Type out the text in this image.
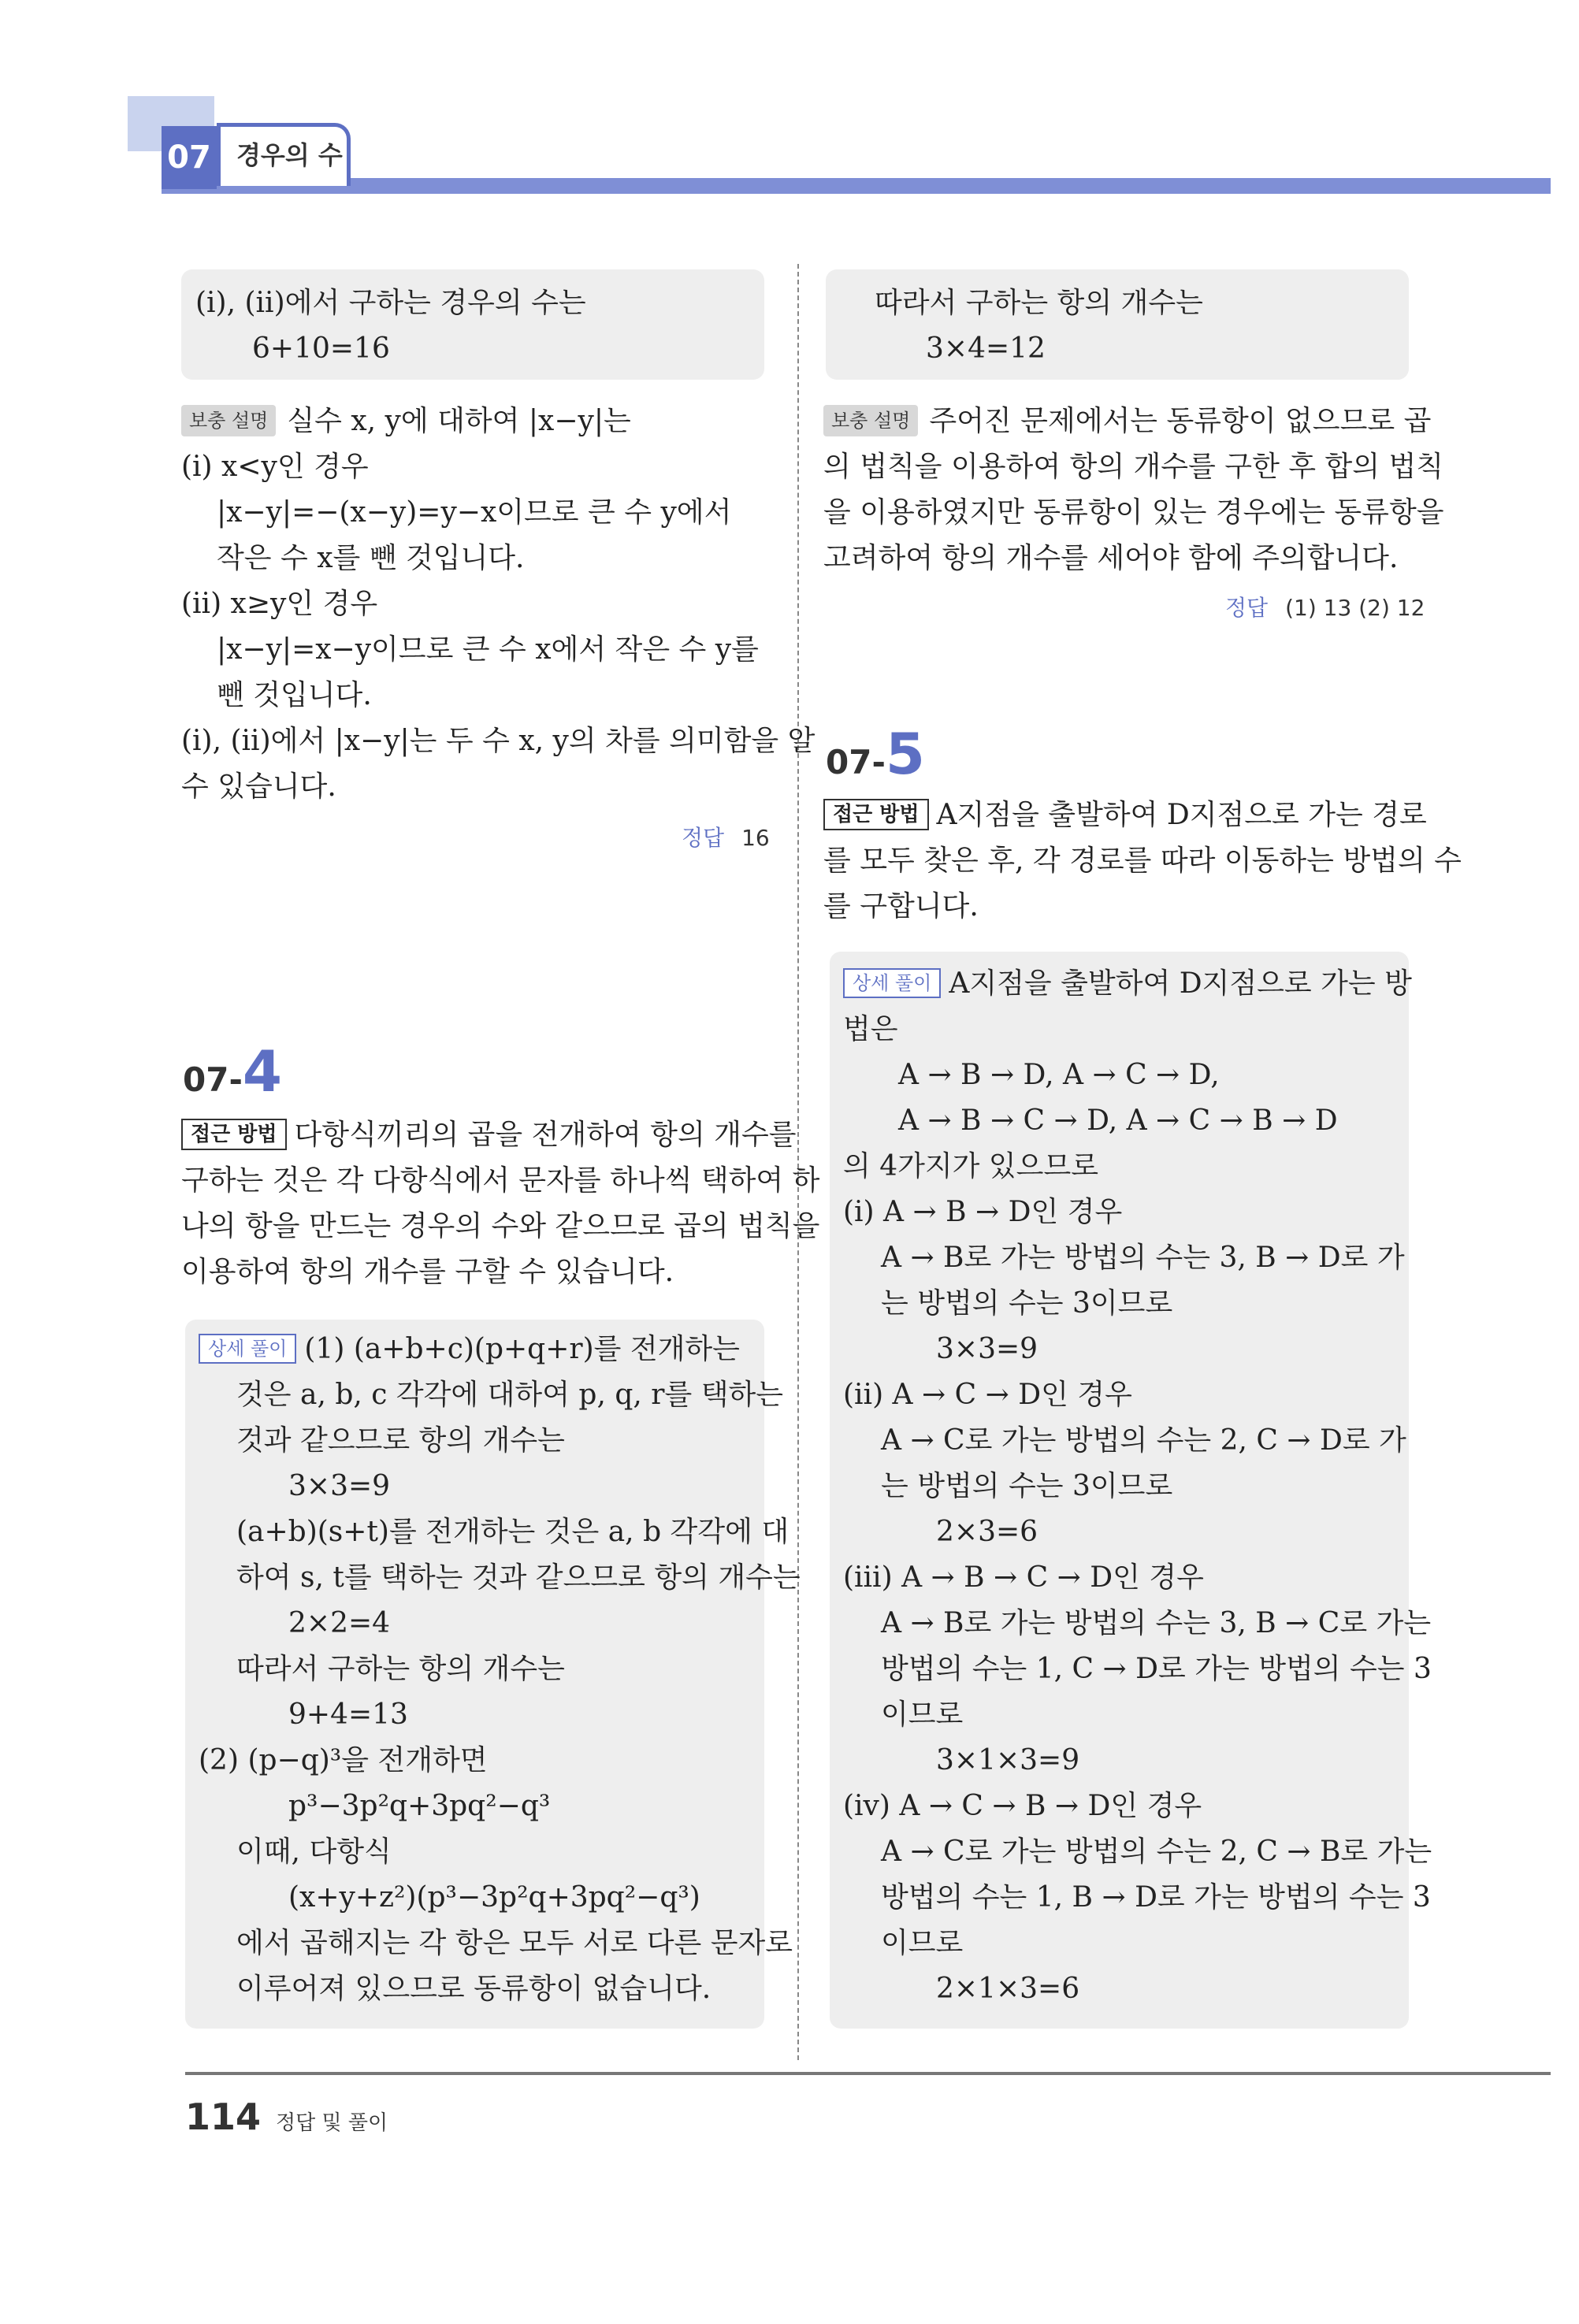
07 경우의 수
(ⅰ), (ⅱ)에서 구하는 경우의 수는
6+10=16
보충 설명 실수 x, y에 대하여 |x−y|는
(ⅰ) x<y인 경우
|x−y|=−(x−y)=y−x이므로 큰 수 y에서
작은 수 x를 뺀 것입니다.
(ⅱ) x≥y인 경우
|x−y|=x−y이므로 큰 수 x에서 작은 수 y를
뺀 것입니다.
(ⅰ), (ⅱ)에서 |x−y|는 두 수 x, y의 차를 의미함을 알
수 있습니다.
정답 16
07-4
접근 방법 다항식끼리의 곱을 전개하여 항의 개수를
구하는 것은 각 다항식에서 문자를 하나씩 택하여 하
나의 항을 만드는 경우의 수와 같으므로 곱의 법칙을
이용하여 항의 개수를 구할 수 있습니다.
상세 풀이 (1) (a+b+c)(p+q+r)를 전개하는
것은 a, b, c 각각에 대하여 p, q, r를 택하는
것과 같으므로 항의 개수는
3×3=9
(a+b)(s+t)를 전개하는 것은 a, b 각각에 대
하여 s, t를 택하는 것과 같으므로 항의 개수는
2×2=4
따라서 구하는 항의 개수는
9+4=13
(2) (p−q)³을 전개하면
p³−3p²q+3pq²−q³
이때, 다항식
(x+y+z²)(p³−3p²q+3pq²−q³)
에서 곱해지는 각 항은 모두 서로 다른 문자로
이루어져 있으므로 동류항이 없습니다.
따라서 구하는 항의 개수는
3×4=12
보충 설명 주어진 문제에서는 동류항이 없으므로 곱
의 법칙을 이용하여 항의 개수를 구한 후 합의 법칙
을 이용하였지만 동류항이 있는 경우에는 동류항을
고려하여 항의 개수를 세어야 함에 주의합니다.
정답 (1) 13 (2) 12
07-5
접근 방법 A지점을 출발하여 D지점으로 가는 경로
를 모두 찾은 후, 각 경로를 따라 이동하는 방법의 수
를 구합니다.
상세 풀이 A지점을 출발하여 D지점으로 가는 방
법은
A → B → D, A → C → D,
A → B → C → D, A → C → B → D
의 4가지가 있으므로
(ⅰ) A → B → D인 경우
A → B로 가는 방법의 수는 3, B → D로 가
는 방법의 수는 3이므로
3×3=9
(ⅱ) A → C → D인 경우
A → C로 가는 방법의 수는 2, C → D로 가
는 방법의 수는 3이므로
2×3=6
(ⅲ) A → B → C → D인 경우
A → B로 가는 방법의 수는 3, B → C로 가는
방법의 수는 1, C → D로 가는 방법의 수는 3
이므로
3×1×3=9
(ⅳ) A → C → B → D인 경우
A → C로 가는 방법의 수는 2, C → B로 가는
방법의 수는 1, B → D로 가는 방법의 수는 3
이므로
2×1×3=6
114 정답 및 풀이
